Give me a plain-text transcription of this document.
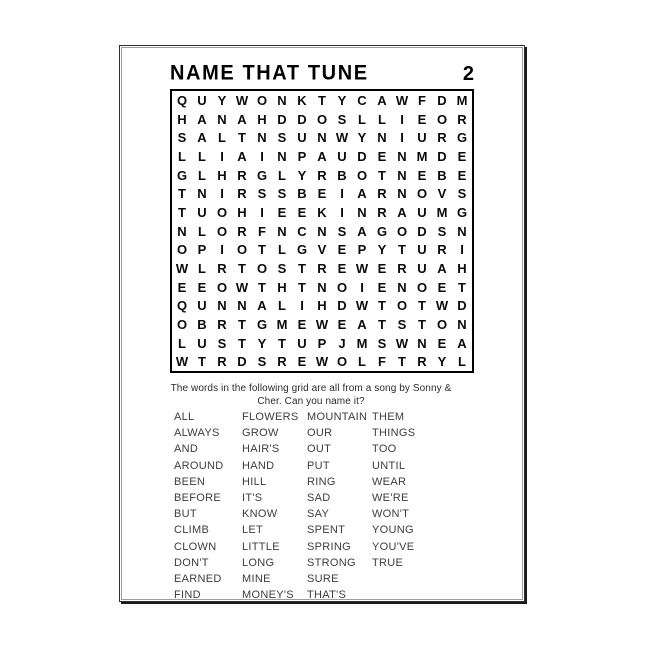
NAME THAT TUNE	2
Q U Y W O N K T Y C A W F D M
H A N A H D D O S L L	I	E O R
S A L T N S U N W Y N	I	U R G
L L	I	A	I	N P A U D E N M D E
G L H R G L Y R B O T N E B E
T N	I	R S S B E	I	A R N O V S
T U O H	I	E E K	I	N R A U M G
N L O R F N C N S A G O D S N
O P	I	O T L G V E P Y T U R	I
W L R T O S T R E W E R U A H
E E O W T H T N O	I	E N O E T
Q U N N A L	I	H D W T O T W D
O B R T G M E W E A T S T O N
L U S T Y T U P J M S W N E A
W T R D S R E W O L F T R Y L
The words in the following grid are all from a song by Sonny &
Cher. Can you name it?
ALL
ALWAYS
AND
AROUND
BEEN
BEFORE
BUT
CLIMB
CLOWN
DON'T
EARNED
FIND
FLOWERS
GROW
HAIR'S
HAND
HILL
IT'S
KNOW
LET
LITTLE
LONG
MINE
MONEY'S
MOUNTAIN
OUR
OUT
PUT
RING
SAD
SAY
SPENT
SPRING
STRONG
SURE
THAT'S
THEM
THINGS
TOO
UNTIL
WEAR
WE'RE
WON'T
YOUNG
YOU'VE
TRUE
